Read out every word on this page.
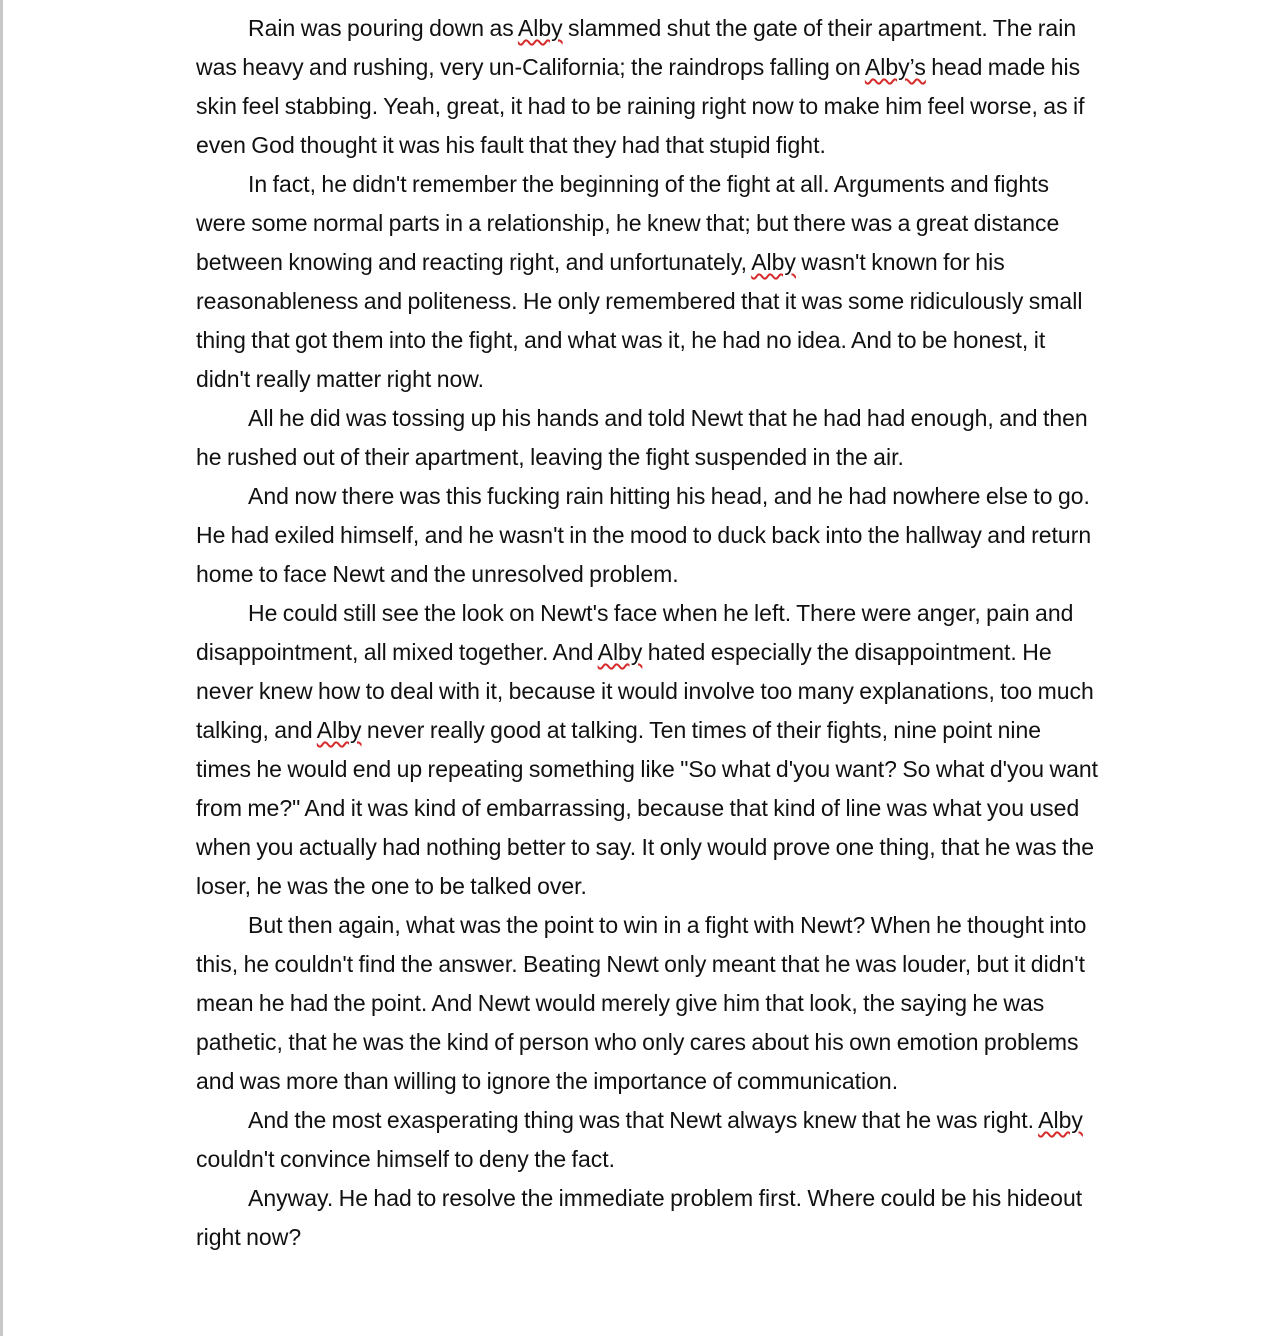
Rain was pouring down as Alby slammed shut the gate of their apartment. The rain was heavy and rushing, very un-California; the raindrops falling on Alby’s head made his skin feel stabbing. Yeah, great, it had to be raining right now to make him feel worse, as if even God thought it was his fault that they had that stupid fight.

In fact, he didn't remember the beginning of the fight at all. Arguments and fights were some normal parts in a relationship, he knew that; but there was a great distance between knowing and reacting right, and unfortunately, Alby wasn't known for his reasonableness and politeness. He only remembered that it was some ridiculously small thing that got them into the fight, and what was it, he had no idea. And to be honest, it didn't really matter right now.

All he did was tossing up his hands and told Newt that he had had enough, and then he rushed out of their apartment, leaving the fight suspended in the air.

And now there was this fucking rain hitting his head, and he had nowhere else to go. He had exiled himself, and he wasn't in the mood to duck back into the hallway and return home to face Newt and the unresolved problem.

He could still see the look on Newt's face when he left. There were anger, pain and disappointment, all mixed together. And Alby hated especially the disappointment. He never knew how to deal with it, because it would involve too many explanations, too much talking, and Alby never really good at talking. Ten times of their fights, nine point nine times he would end up repeating something like "So what d'you want? So what d'you want from me?" And it was kind of embarrassing, because that kind of line was what you used when you actually had nothing better to say. It only would prove one thing, that he was the loser, he was the one to be talked over.

But then again, what was the point to win in a fight with Newt? When he thought into this, he couldn't find the answer. Beating Newt only meant that he was louder, but it didn't mean he had the point. And Newt would merely give him that look, the saying he was pathetic, that he was the kind of person who only cares about his own emotion problems and was more than willing to ignore the importance of communication.

And the most exasperating thing was that Newt always knew that he was right. Alby couldn't convince himself to deny the fact.

Anyway. He had to resolve the immediate problem first. Where could be his hideout right now?
